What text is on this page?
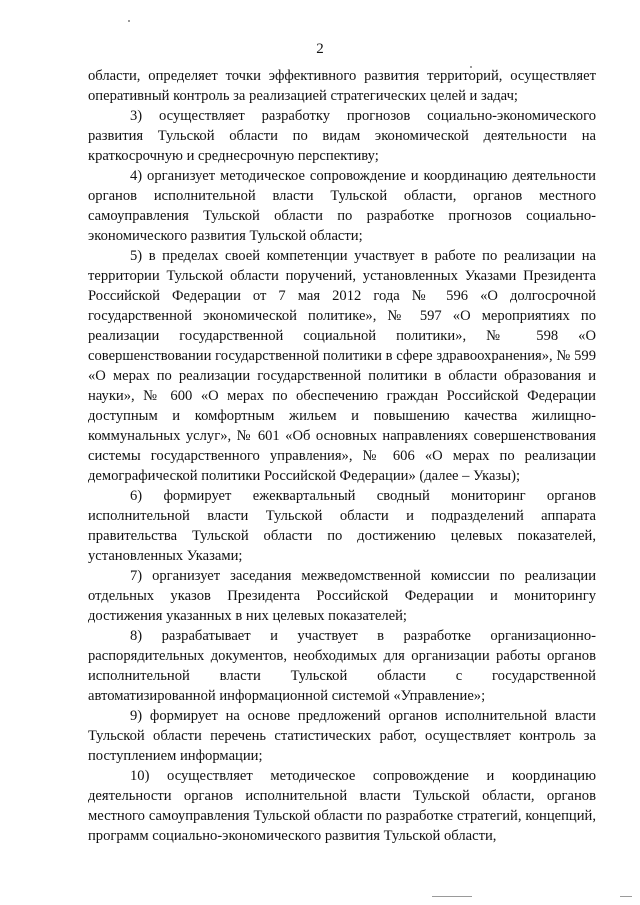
2

области, определяет точки эффективного развития территорий, осуществляет оперативный контроль за реализацией стратегических целей и задач;

3) осуществляет разработку прогнозов социально-экономического развития Тульской области по видам экономической деятельности на краткосрочную и среднесрочную перспективу;

4) организует методическое сопровождение и координацию деятельности органов исполнительной власти Тульской области, органов местного самоуправления Тульской области по разработке прогнозов социально-экономического развития Тульской области;

5) в пределах своей компетенции участвует в работе по реализации на территории Тульской области поручений, установленных Указами Президента Российской Федерации от 7 мая 2012 года № 596 «О долгосрочной государственной экономической политике», № 597 «О мероприятиях по реализации государственной социальной политики», № 598 «О совершенствовании государственной политики в сфере здравоохранения», № 599 «О мерах по реализации государственной политики в области образования и науки», № 600 «О мерах по обеспечению граждан Российской Федерации доступным и комфортным жильем и повышению качества жилищно-коммунальных услуг», № 601 «Об основных направлениях совершенствования системы государственного управления», № 606 «О мерах по реализации демографической политики Российской Федерации» (далее – Указы);

6) формирует ежеквартальный сводный мониторинг органов исполнительной власти Тульской области и подразделений аппарата правительства Тульской области по достижению целевых показателей, установленных Указами;

7) организует заседания межведомственной комиссии по реализации отдельных указов Президента Российской Федерации и мониторингу достижения указанных в них целевых показателей;

8) разрабатывает и участвует в разработке организационно-распорядительных документов, необходимых для организации работы органов исполнительной власти Тульской области с государственной автоматизированной информационной системой «Управление»;

9) формирует на основе предложений органов исполнительной власти Тульской области перечень статистических работ, осуществляет контроль за поступлением информации;

10) осуществляет методическое сопровождение и координацию деятельности органов исполнительной власти Тульской области, органов местного самоуправления Тульской области по разработке стратегий, концепций, программ социально-экономического развития Тульской области,
